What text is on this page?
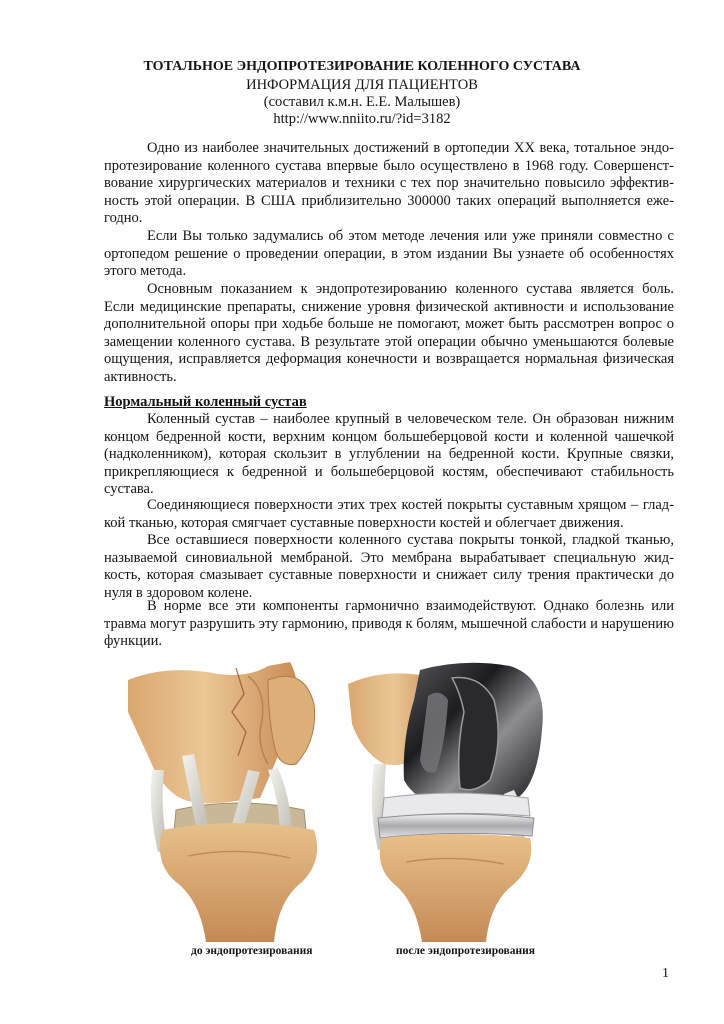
ТОТАЛЬНОЕ ЭНДОПРОТЕЗИРОВАНИЕ КОЛЕННОГО СУСТАВА
ИНФОРМАЦИЯ ДЛЯ ПАЦИЕНТОВ
(составил к.м.н. Е.Е. Малышев)
http://www.nniito.ru/?id=3182

Одно из наиболее значительных достижений в ортопедии XX века, тотальное эндопротезирование коленного сустава впервые было осуществлено в 1968 году. Совершенствование хирургических материалов и техники с тех пор значительно повысило эффективность этой операции. В США приблизительно 300000 таких операций выполняется ежегодно.

Если Вы только задумались об этом методе лечения или уже приняли совместно с ортопедом решение о проведении операции, в этом издании Вы узнаете об особенностях этого метода.

Основным показанием к эндопротезированию коленного сустава является боль. Если медицинские препараты, снижение уровня физической активности и использование дополнительной опоры при ходьбе больше не помогают, может быть рассмотрен вопрос о замещении коленного сустава. В результате этой операции обычно уменьшаются болевые ощущения, исправляется деформация конечности и возвращается нормальная физическая активность.

Нормальный коленный сустав

Коленный сустав – наиболее крупный в человеческом теле. Он образован нижним концом бедренной кости, верхним концом большеберцовой кости и коленной чашечкой (надколенником), которая скользит в углублении на бедренной кости. Крупные связки, прикрепляющиеся к бедренной и большеберцовой костям, обеспечивают стабильность сустава.

Соединяющиеся поверхности этих трех костей покрыты суставным хрящом – гладкой тканью, которая смягчает суставные поверхности костей и облегчает движения.

Все оставшиеся поверхности коленного сустава покрыты тонкой, гладкой тканью, называемой синовиальной мембраной. Это мембрана вырабатывает специальную жидкость, которая смазывает суставные поверхности и снижает силу трения практически до нуля в здоровом колене.

В норме все эти компоненты гармонично взаимодействуют. Однако болезнь или травма могут разрушить эту гармонию, приводя к болям, мышечной слабости и нарушению функции.

до эндопротезирования	после эндопротезирования
1
